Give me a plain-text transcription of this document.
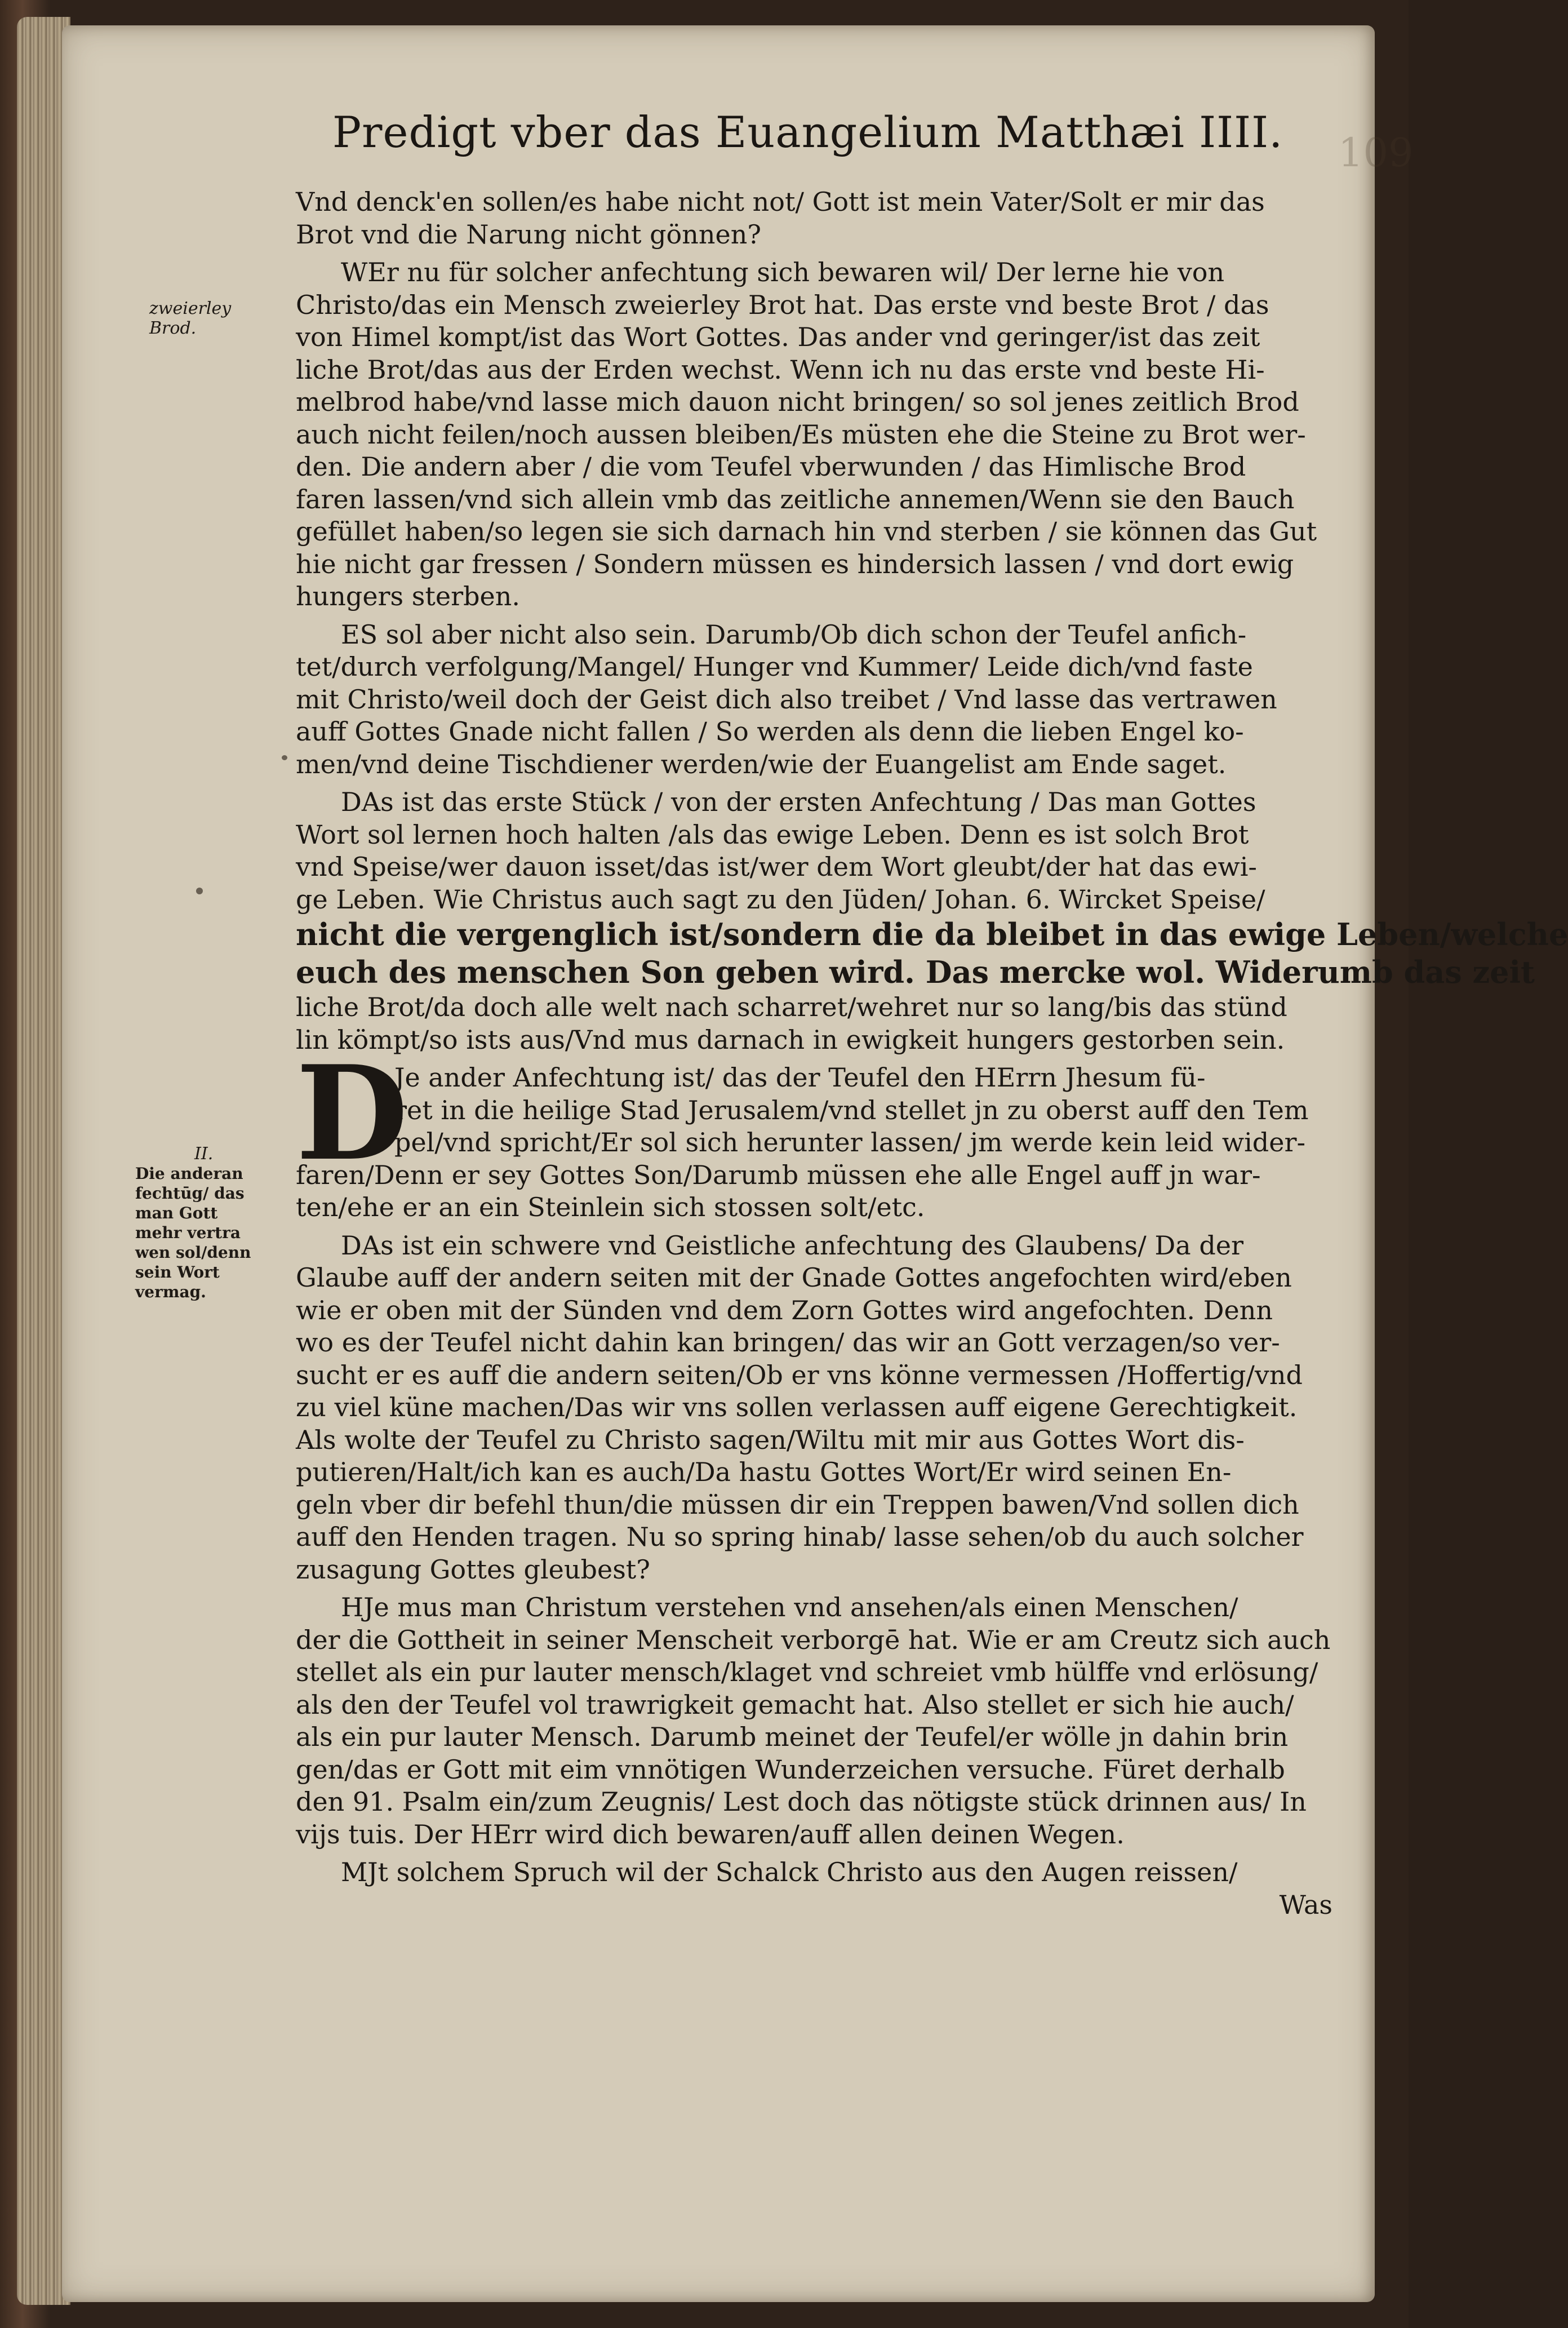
109
Predigt vber das Euangelium Matthæi IIII.
zweierley Brod.
II.
Die anderan
fechtūg/ das
man Gott
mehr vertra
wen sol/denn
sein Wort
vermag.

Vnd denck'en sollen/es habe nicht not/ Gott ist mein Vater/Solt er mir das
Brot vnd die Narung nicht gönnen?

WEr nu für solcher anfechtung sich bewaren wil/ Der lerne hie von
Christo/das ein Mensch zweierley Brot hat. Das erste vnd beste Brot / das
von Himel kompt/ist das Wort Gottes. Das ander vnd geringer/ist das zeit
liche Brot/das aus der Erden wechst. Wenn ich nu das erste vnd beste Hi-
melbrod habe/vnd lasse mich dauon nicht bringen/ so sol jenes zeitlich Brod
auch nicht feilen/noch aussen bleiben/Es müsten ehe die Steine zu Brot wer-
den. Die andern aber / die vom Teufel vberwunden / das Himlische Brod
faren lassen/vnd sich allein vmb das zeitliche annemen/Wenn sie den Bauch
gefüllet haben/so legen sie sich darnach hin vnd sterben / sie können das Gut
hie nicht gar fressen / Sondern müssen es hindersich lassen / vnd dort ewig
hungers sterben.

ES sol aber nicht also sein. Darumb/Ob dich schon der Teufel anfich-
tet/durch verfolgung/Mangel/ Hunger vnd Kummer/ Leide dich/vnd faste
mit Christo/weil doch der Geist dich also treibet / Vnd lasse das vertrawen
auff Gottes Gnade nicht fallen / So werden als denn die lieben Engel ko-
men/vnd deine Tischdiener werden/wie der Euangelist am Ende saget.

DAs ist das erste Stück / von der ersten Anfechtung / Das man Gottes
Wort sol lernen hoch halten /als das ewige Leben. Denn es ist solch Brot
vnd Speise/wer dauon isset/das ist/wer dem Wort gleubt/der hat das ewi-
ge Leben. Wie Christus auch sagt zu den Jüden/ Johan. 6. Wircket Speise/
nicht die vergenglich ist/sondern die da bleibet in das ewige Leben/welche
euch des menschen Son geben wird. Das mercke wol. Widerumb das zeit
liche Brot/da doch alle welt nach scharret/wehret nur so lang/bis das stünd
lin kömpt/so ists aus/Vnd mus darnach in ewigkeit hungers gestorben sein.

D
Je ander Anfechtung ist/ das der Teufel den HErrn Jhesum fü-
ret in die heilige Stad Jerusalem/vnd stellet jn zu oberst auff den Tem
pel/vnd spricht/Er sol sich herunter lassen/ jm werde kein leid wider-
faren/Denn er sey Gottes Son/Darumb müssen ehe alle Engel auff jn war-
ten/ehe er an ein Steinlein sich stossen solt/etc.

DAs ist ein schwere vnd Geistliche anfechtung des Glaubens/ Da der
Glaube auff der andern seiten mit der Gnade Gottes angefochten wird/eben
wie er oben mit der Sünden vnd dem Zorn Gottes wird angefochten. Denn
wo es der Teufel nicht dahin kan bringen/ das wir an Gott verzagen/so ver-
sucht er es auff die andern seiten/Ob er vns könne vermessen /Hoffertig/vnd
zu viel küne machen/Das wir vns sollen verlassen auff eigene Gerechtigkeit.
Als wolte der Teufel zu Christo sagen/Wiltu mit mir aus Gottes Wort dis-
putieren/Halt/ich kan es auch/Da hastu Gottes Wort/Er wird seinen En-
geln vber dir befehl thun/die müssen dir ein Treppen bawen/Vnd sollen dich
auff den Henden tragen. Nu so spring hinab/ lasse sehen/ob du auch solcher
zusagung Gottes gleubest?

HJe mus man Christum verstehen vnd ansehen/als einen Menschen/
der die Gottheit in seiner Menscheit verborgē hat. Wie er am Creutz sich auch
stellet als ein pur lauter mensch/klaget vnd schreiet vmb hülffe vnd erlösung/
als den der Teufel vol trawrigkeit gemacht hat. Also stellet er sich hie auch/
als ein pur lauter Mensch. Darumb meinet der Teufel/er wölle jn dahin brin
gen/das er Gott mit eim vnnötigen Wunderzeichen versuche. Füret derhalb
den 91. Psalm ein/zum Zeugnis/ Lest doch das nötigste stück drinnen aus/ In
vijs tuis. Der HErr wird dich bewaren/auff allen deinen Wegen.

MJt solchem Spruch wil der Schalck Christo aus den Augen reissen/
Was
